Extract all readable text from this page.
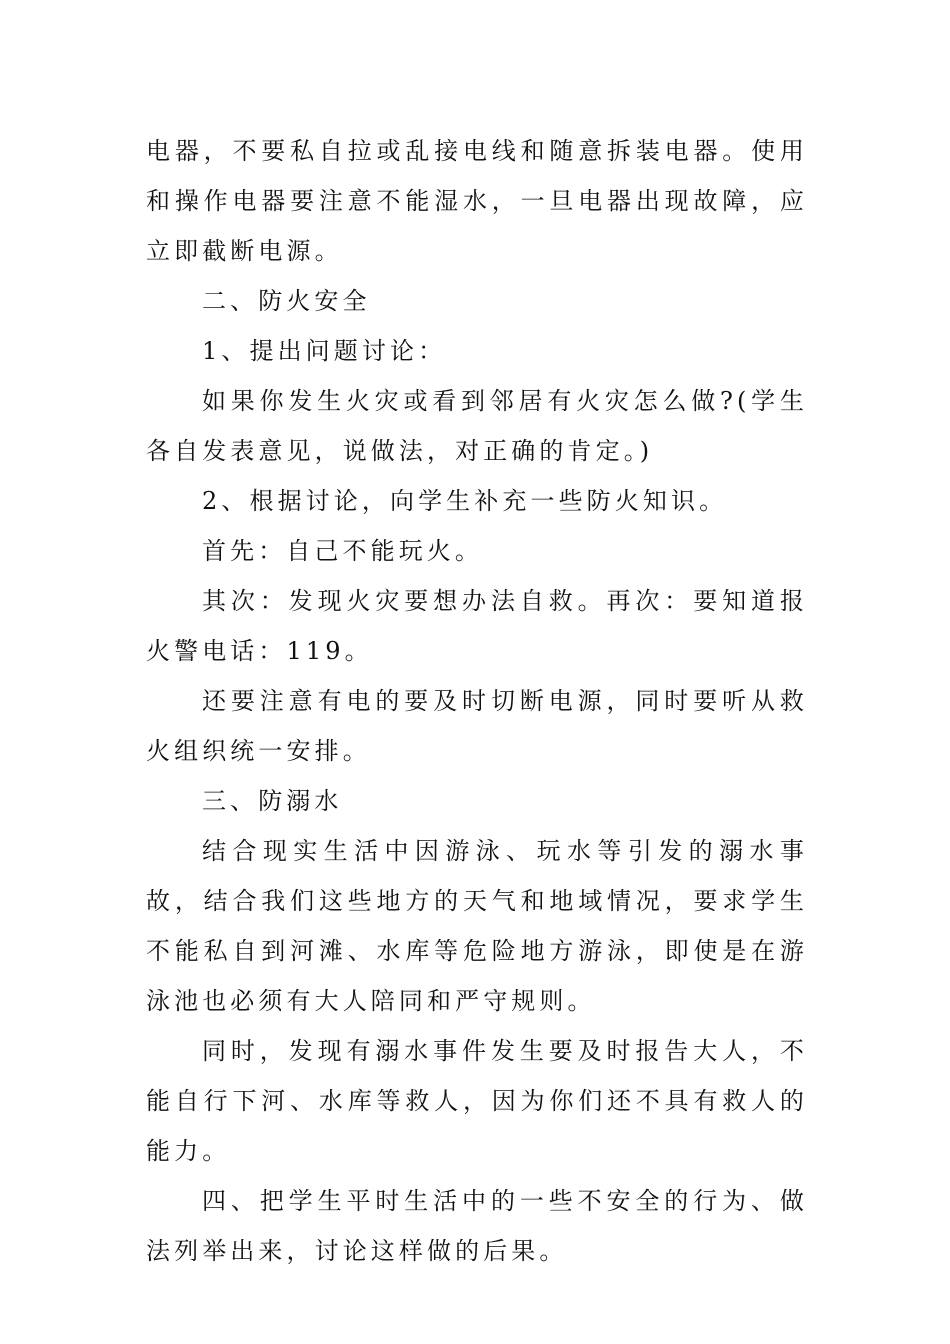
电器，不要私自拉或乱接电线和随意拆装电器。使用和操作电器要注意不能湿水，一旦电器出现故障，应立即截断电源。

二、防火安全

1、提出问题讨论：

如果你发生火灾或看到邻居有火灾怎么做?(学生各自发表意见，说做法，对正确的肯定。)

2、根据讨论，向学生补充一些防火知识。

首先：自己不能玩火。

其次：发现火灾要想办法自救。再次：要知道报火警电话：119。

还要注意有电的要及时切断电源，同时要听从救火组织统一安排。

三、防溺水

结合现实生活中因游泳、玩水等引发的溺水事故，结合我们这些地方的天气和地域情况，要求学生不能私自到河滩、水库等危险地方游泳，即使是在游泳池也必须有大人陪同和严守规则。

同时，发现有溺水事件发生要及时报告大人，不能自行下河、水库等救人，因为你们还不具有救人的能力。

四、把学生平时生活中的一些不安全的行为、做法列举出来，讨论这样做的后果。
